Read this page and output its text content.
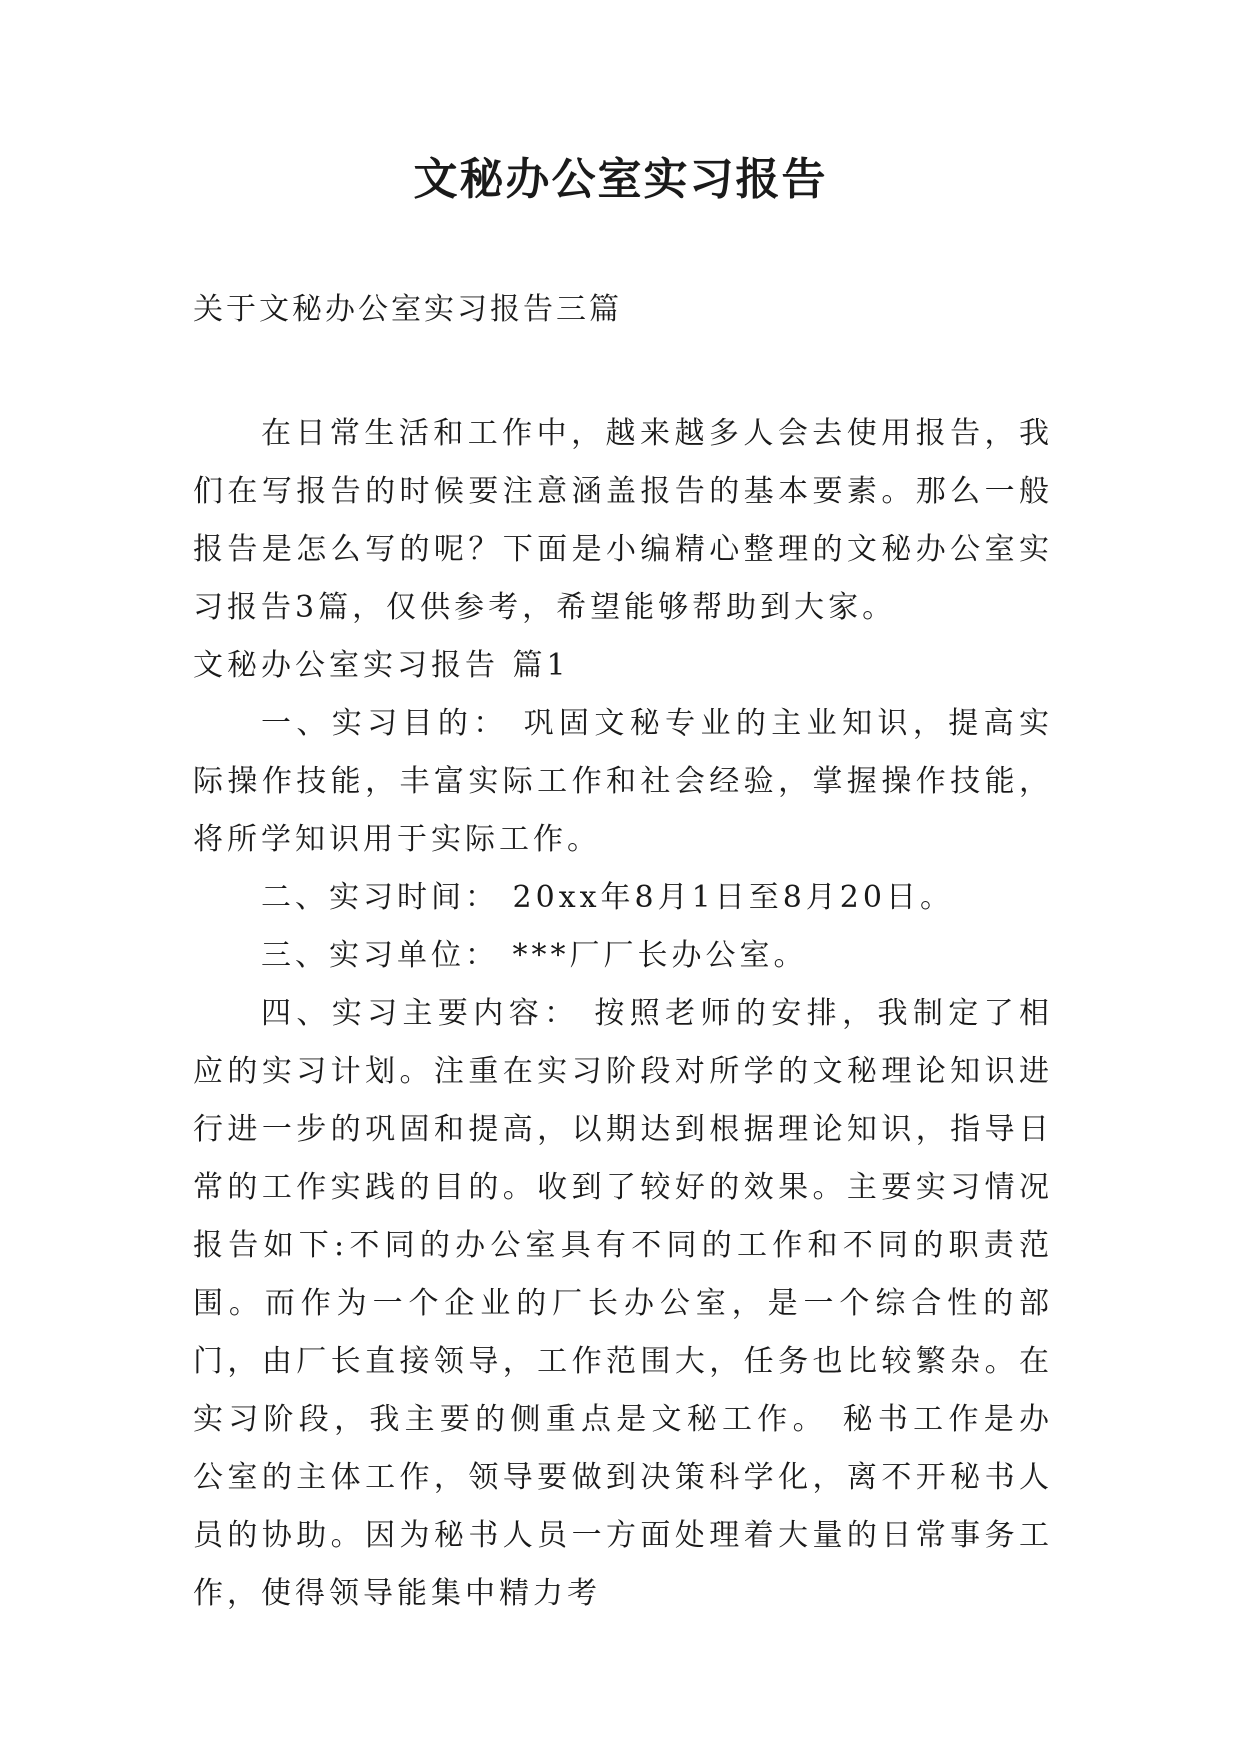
文秘办公室实习报告
关于文秘办公室实习报告三篇

在日常生活和工作中，越来越多人会去使用报告，我们在写报告的时候要注意涵盖报告的基本要素。那么一般报告是怎么写的呢？下面是小编精心整理的文秘办公室实习报告3篇，仅供参考，希望能够帮助到大家。

文秘办公室实习报告 篇1

一、实习目的： 巩固文秘专业的主业知识，提高实际操作技能，丰富实际工作和社会经验，掌握操作技能，将所学知识用于实际工作。

二、实习时间： 20xx年8月1日至8月20日。

三、实习单位： ***厂厂长办公室。

四、实习主要内容： 按照老师的安排，我制定了相应的实习计划。注重在实习阶段对所学的文秘理论知识进行进一步的巩固和提高，以期达到根据理论知识，指导日常的工作实践的目的。收到了较好的效果。主要实习情况报告如下:不同的办公室具有不同的工作和不同的职责范围。而作为一个企业的厂长办公室，是一个综合性的部门，由厂长直接领导，工作范围大，任务也比较繁杂。在实习阶段，我主要的侧重点是文秘工作。 秘书工作是办公室的主体工作，领导要做到决策科学化，离不开秘书人员的协助。因为秘书人员一方面处理着大量的日常事务工作，使得领导能集中精力考
